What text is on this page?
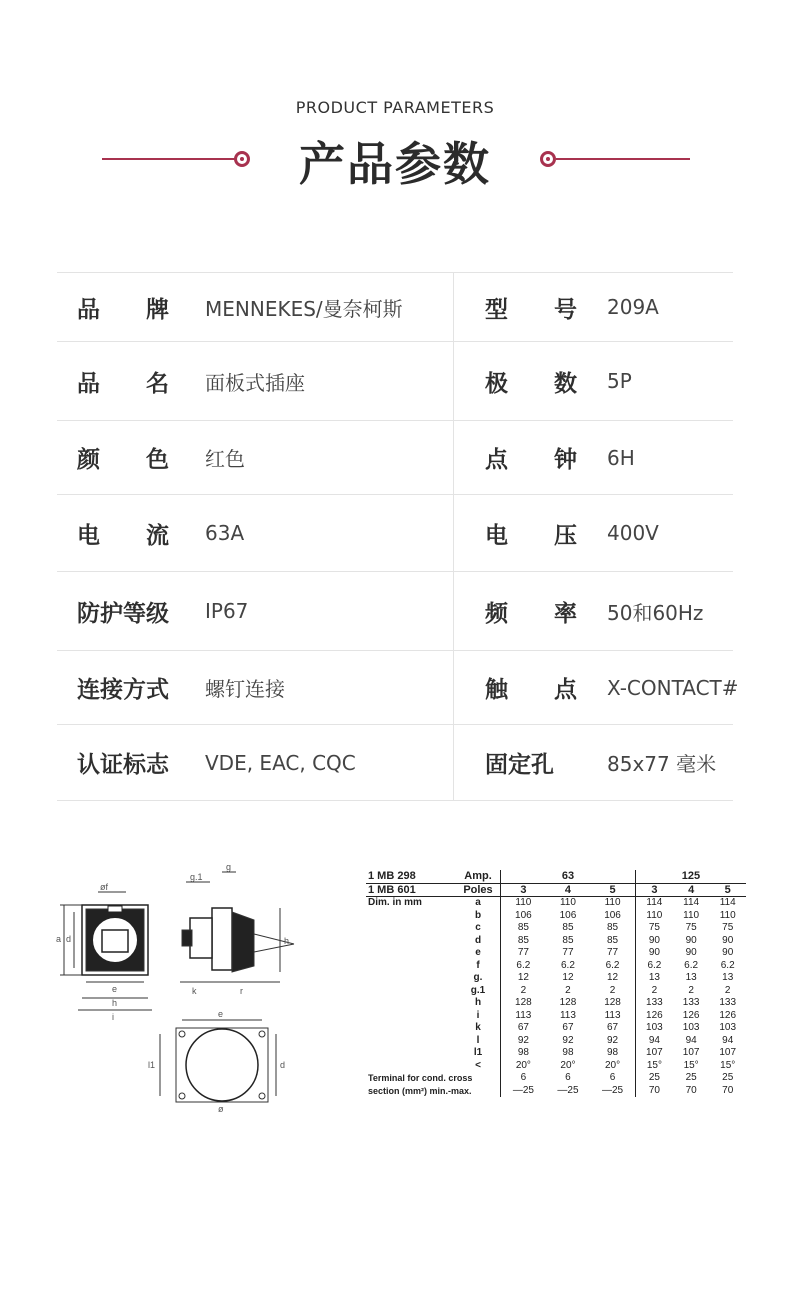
PRODUCT PARAMETERS
产品参数
品　　牌	MENNEKES/曼奈柯斯	型　　号	209A
品　　名	面板式插座	极　　数	5P
颜　　色	红色	点　　钟	6H
电　　流	63A	电　　压	400V
防护等级	IP67	频　　率	50和60Hz
连接方式	螺钉连接	触　　点	X-CONTACT#
认证标志	VDE, EAC, CQC	固定孔	85x77 毫米
a d
øf
e
h
i
g.1
g
k	r
h
e
d
l1
ø
1 MB 298	Amp.	63			125		
1 MB 601	Poles	3	4	5	3	4	5
Dim. in mm	a	110	110	110	114	114	114
	b	106	106	106	110	110	110
	c	85	85	85	75	75	75
	d	85	85	85	90	90	90
	e	77	77	77	90	90	90
	f	6.2	6.2	6.2	6.2	6.2	6.2
	g.	12	12	12	13	13	13
	g.1	2	2	2	2	2	2
	h	128	128	128	133	133	133
	i	113	113	113	126	126	126
	k	67	67	67	103	103	103
	l	92	92	92	94	94	94
	l1	98	98	98	107	107	107
	<	20°	20°	20°	15°	15°	15°
Terminal for cond. cross		6	6	6	25	25	25
section (mm²) min.-max.		—25	—25	—25	70	70	70
